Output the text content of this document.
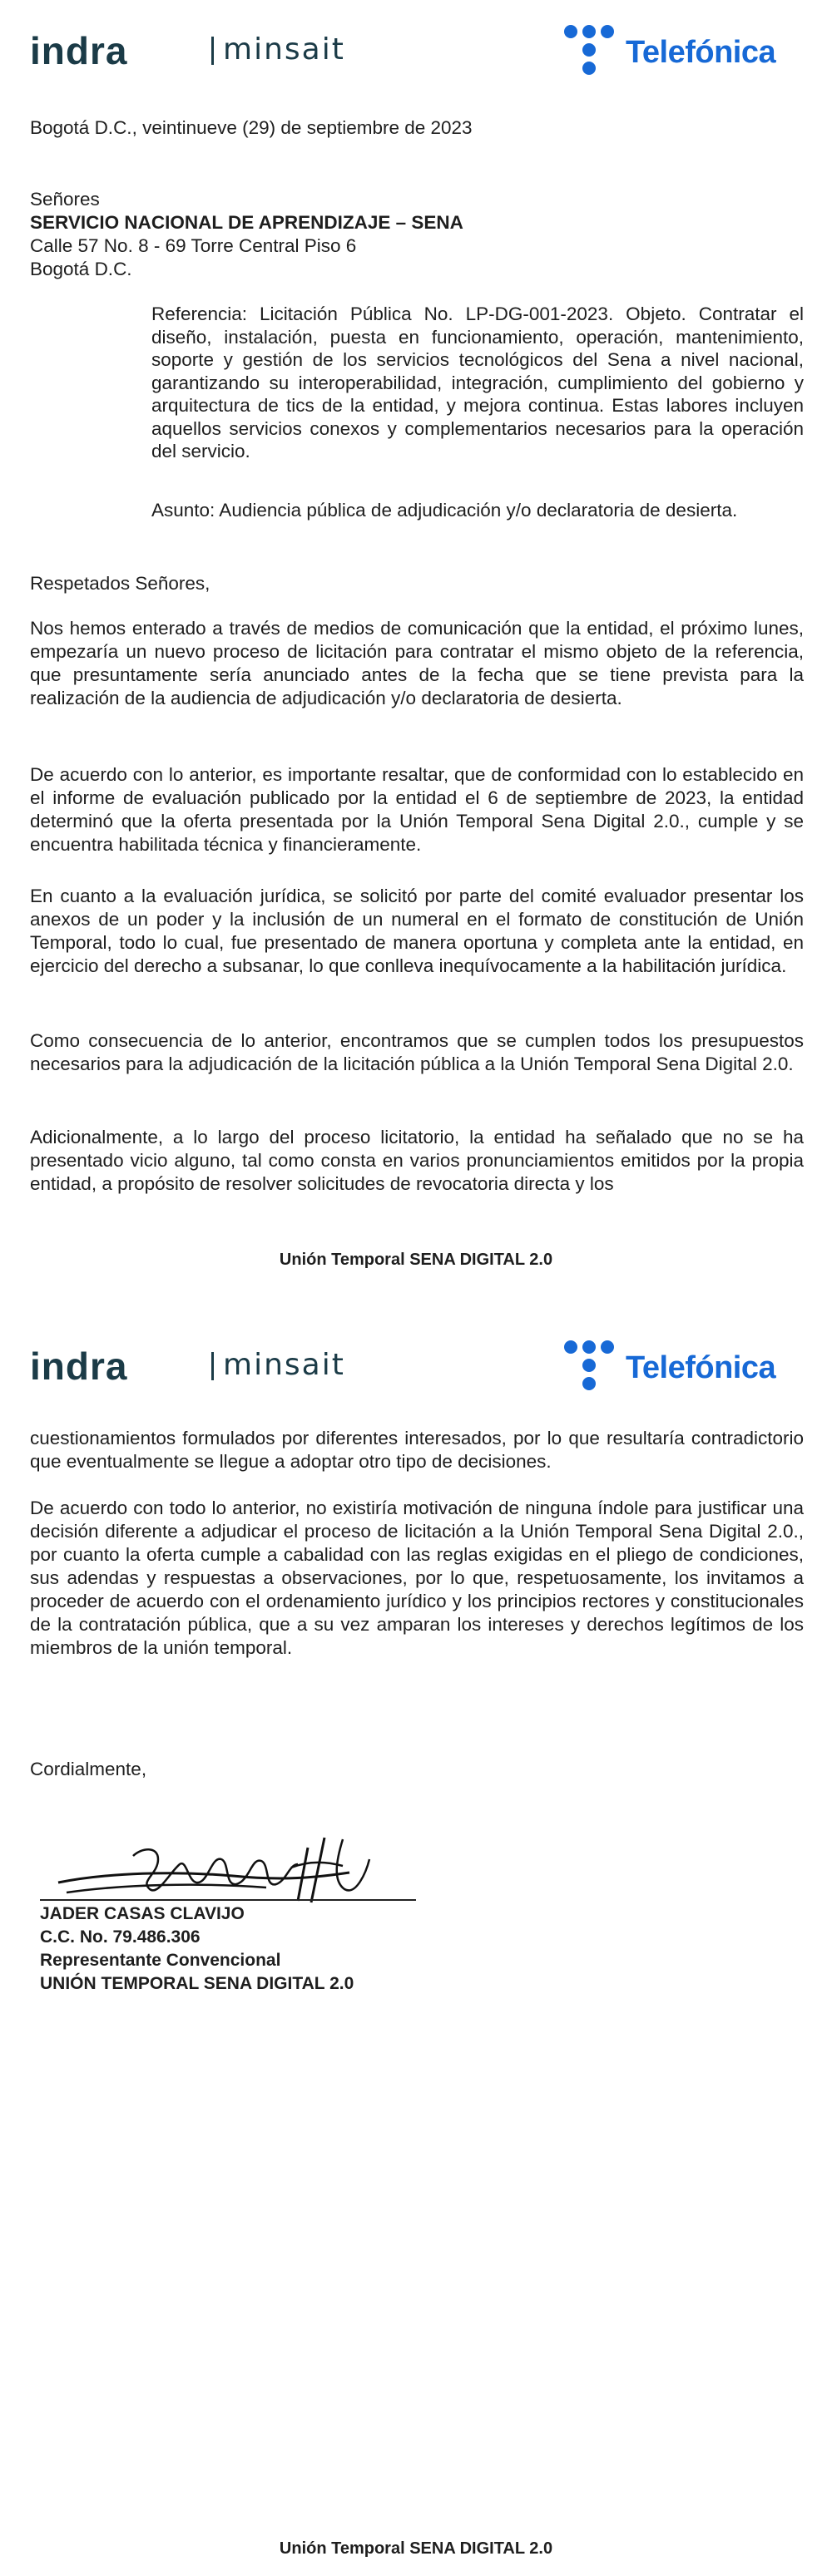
indra	minsait	Telefónica
Bogotá D.C., veintinueve (29) de septiembre de 2023
Señores
SERVICIO NACIONAL DE APRENDIZAJE – SENA
Calle 57 No. 8 - 69 Torre Central Piso 6
Bogotá D.C.

Referencia: Licitación Pública No. LP-DG-001-2023. Objeto. Contratar el diseño, instalación, puesta en funcionamiento, operación, mantenimiento, soporte y gestión de los servicios tecnológicos del Sena a nivel nacional, garantizando su interoperabilidad, integración, cumplimiento del gobierno y arquitectura de tics de la entidad, y mejora continua. Estas labores incluyen aquellos servicios conexos y complementarios necesarios para la operación del servicio.

Asunto: Audiencia pública de adjudicación y/o declaratoria de desierta.

Respetados Señores,

Nos hemos enterado a través de medios de comunicación que la entidad, el próximo lunes, empezaría un nuevo proceso de licitación para contratar el mismo objeto de la referencia, que presuntamente sería anunciado antes de la fecha que se tiene prevista para la realización de la audiencia de adjudicación y/o declaratoria de desierta.

De acuerdo con lo anterior, es importante resaltar, que de conformidad con lo establecido en el informe de evaluación publicado por la entidad el 6 de septiembre de 2023, la entidad determinó que la oferta presentada por la Unión Temporal Sena Digital 2.0., cumple y se encuentra habilitada técnica y financieramente.

En cuanto a la evaluación jurídica, se solicitó por parte del comité evaluador presentar los anexos de un poder y la inclusión de un numeral en el formato de constitución de Unión Temporal, todo lo cual, fue presentado de manera oportuna y completa ante la entidad, en ejercicio del derecho a subsanar, lo que conlleva inequívocamente a la habilitación jurídica.

Como consecuencia de lo anterior, encontramos que se cumplen todos los presupuestos necesarios para la adjudicación de la licitación pública a la Unión Temporal Sena Digital 2.0.

Adicionalmente, a lo largo del proceso licitatorio, la entidad ha señalado que no se ha presentado vicio alguno, tal como consta en varios pronunciamientos emitidos por la propia entidad, a propósito de resolver solicitudes de revocatoria directa y los

Unión Temporal SENA DIGITAL 2.0
indra	minsait	Telefónica

cuestionamientos formulados por diferentes interesados, por lo que resultaría contradictorio que eventualmente se llegue a adoptar otro tipo de decisiones.

De acuerdo con todo lo anterior, no existiría motivación de ninguna índole para justificar una decisión diferente a adjudicar el proceso de licitación a la Unión Temporal Sena Digital 2.0., por cuanto la oferta cumple a cabalidad con las reglas exigidas en el pliego de condiciones, sus adendas y respuestas a observaciones, por lo que, respetuosamente, los invitamos a proceder de acuerdo con el ordenamiento jurídico y los principios rectores y constitucionales de la contratación pública, que a su vez amparan los intereses y derechos legítimos de los miembros de la unión temporal.

Cordialmente,
JADER CASAS CLAVIJO
C.C. No. 79.486.306
Representante Convencional
UNIÓN TEMPORAL SENA DIGITAL 2.0
Unión Temporal SENA DIGITAL 2.0
